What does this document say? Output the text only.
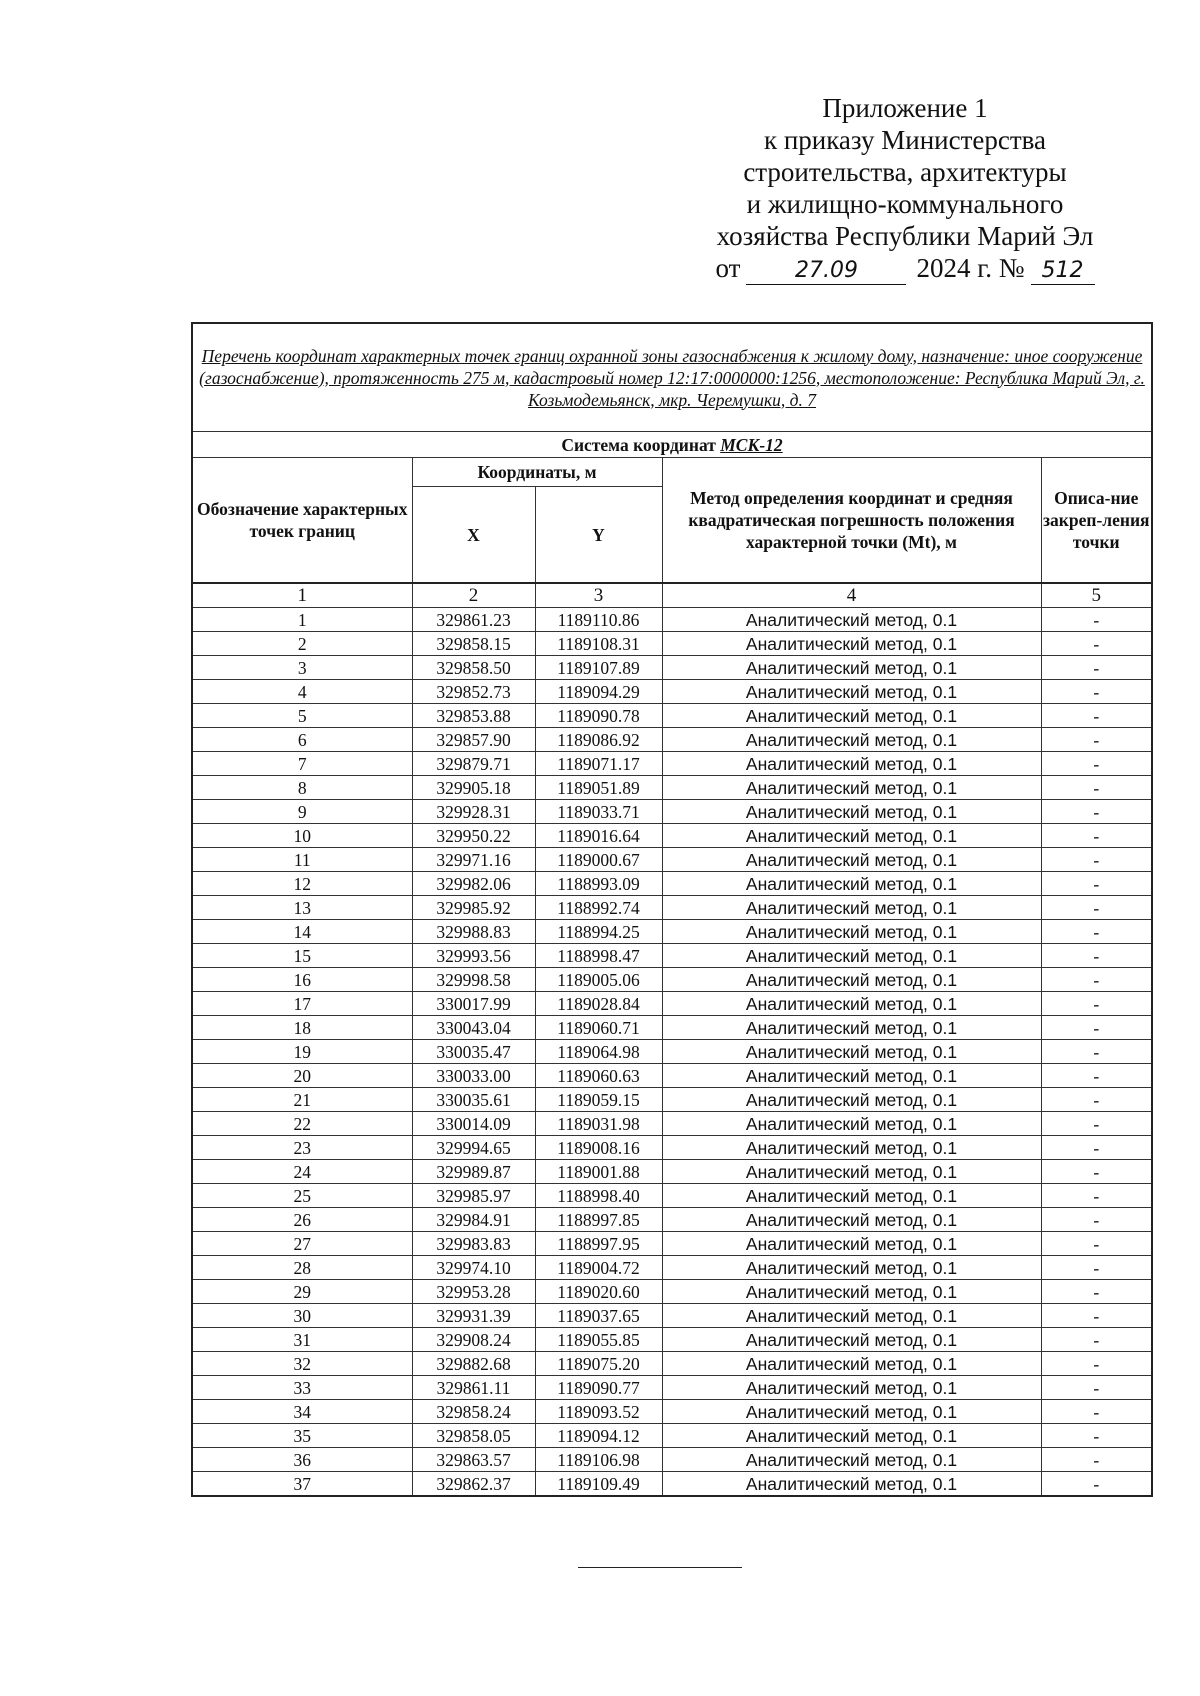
Приложение 1
к приказу Министерства
строительства, архитектуры
и жилищно-коммунального
хозяйства Республики Марий Эл
от 27.09 2024 г. № 512
Перечень координат характерных точек границ охранной зоны газоснабжения к жилому дому, назначение: иное сооружение (газоснабжение), протяженность 275 м, кадастровый номер 12:17:0000000:1256, местоположение: Республика Марий Эл, г. Козьмодемьянск, мкр. Черемушки, д. 7				
Система координат МСК-12				
Обозначение характерных точек границ	Координаты, м		Метод определения координат и средняя квадратическая погрешность положения характерной точки (Mt), м	Описа-ние закреп-ления точки
	X	Y		
1	2	3	4	5
1	329861.23	1189110.86	Аналитический метод, 0.1	-
2	329858.15	1189108.31	Аналитический метод, 0.1	-
3	329858.50	1189107.89	Аналитический метод, 0.1	-
4	329852.73	1189094.29	Аналитический метод, 0.1	-
5	329853.88	1189090.78	Аналитический метод, 0.1	-
6	329857.90	1189086.92	Аналитический метод, 0.1	-
7	329879.71	1189071.17	Аналитический метод, 0.1	-
8	329905.18	1189051.89	Аналитический метод, 0.1	-
9	329928.31	1189033.71	Аналитический метод, 0.1	-
10	329950.22	1189016.64	Аналитический метод, 0.1	-
11	329971.16	1189000.67	Аналитический метод, 0.1	-
12	329982.06	1188993.09	Аналитический метод, 0.1	-
13	329985.92	1188992.74	Аналитический метод, 0.1	-
14	329988.83	1188994.25	Аналитический метод, 0.1	-
15	329993.56	1188998.47	Аналитический метод, 0.1	-
16	329998.58	1189005.06	Аналитический метод, 0.1	-
17	330017.99	1189028.84	Аналитический метод, 0.1	-
18	330043.04	1189060.71	Аналитический метод, 0.1	-
19	330035.47	1189064.98	Аналитический метод, 0.1	-
20	330033.00	1189060.63	Аналитический метод, 0.1	-
21	330035.61	1189059.15	Аналитический метод, 0.1	-
22	330014.09	1189031.98	Аналитический метод, 0.1	-
23	329994.65	1189008.16	Аналитический метод, 0.1	-
24	329989.87	1189001.88	Аналитический метод, 0.1	-
25	329985.97	1188998.40	Аналитический метод, 0.1	-
26	329984.91	1188997.85	Аналитический метод, 0.1	-
27	329983.83	1188997.95	Аналитический метод, 0.1	-
28	329974.10	1189004.72	Аналитический метод, 0.1	-
29	329953.28	1189020.60	Аналитический метод, 0.1	-
30	329931.39	1189037.65	Аналитический метод, 0.1	-
31	329908.24	1189055.85	Аналитический метод, 0.1	-
32	329882.68	1189075.20	Аналитический метод, 0.1	-
33	329861.11	1189090.77	Аналитический метод, 0.1	-
34	329858.24	1189093.52	Аналитический метод, 0.1	-
35	329858.05	1189094.12	Аналитический метод, 0.1	-
36	329863.57	1189106.98	Аналитический метод, 0.1	-
37	329862.37	1189109.49	Аналитический метод, 0.1	-
